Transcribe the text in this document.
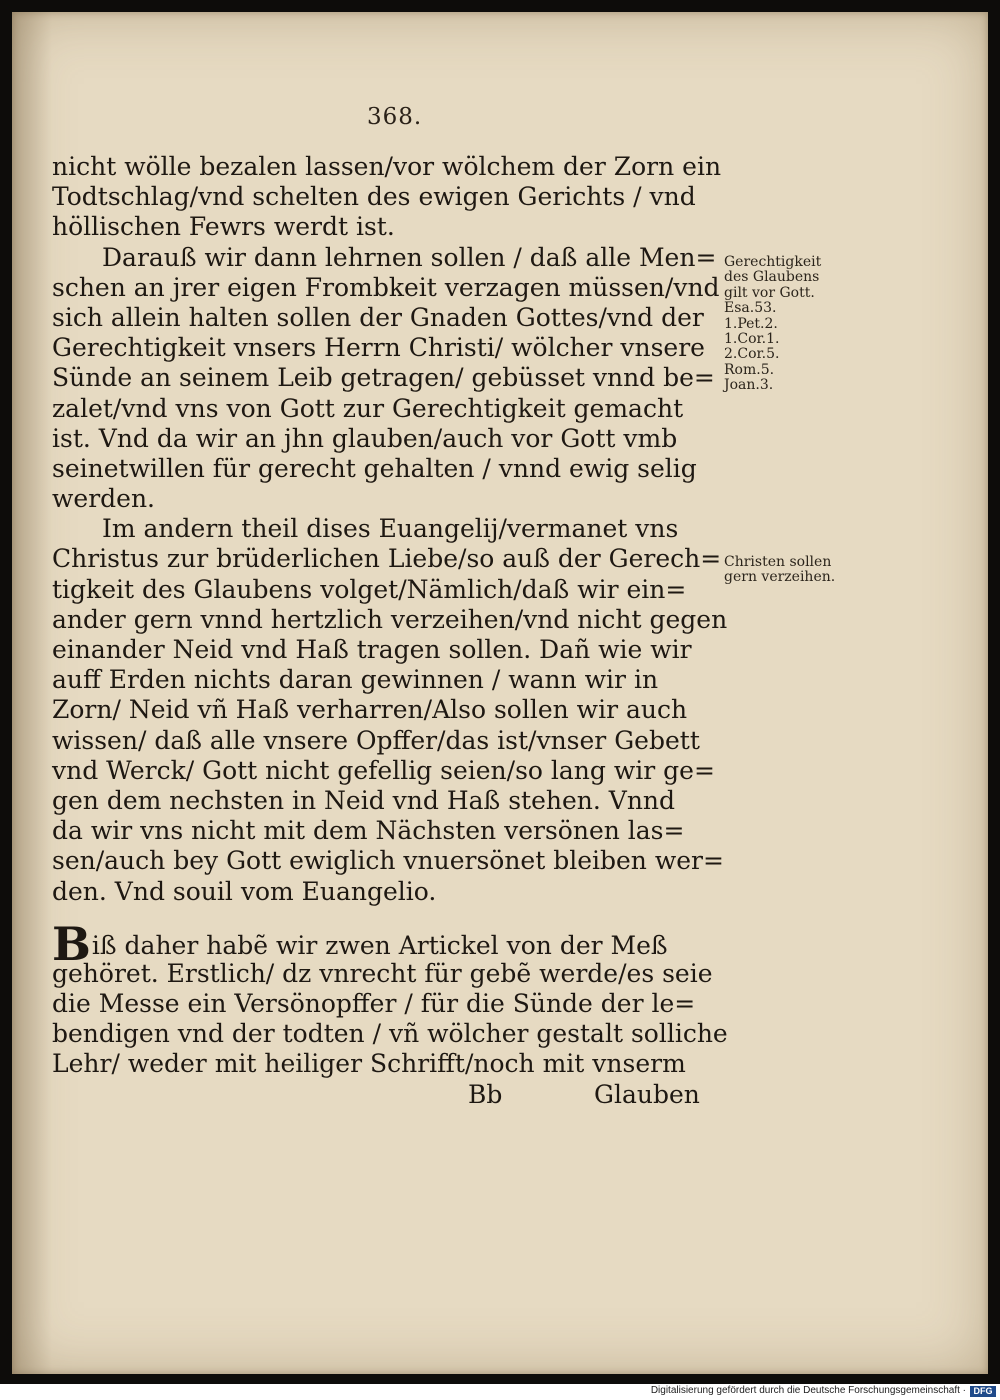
368.
nicht wölle bezalen lassen/vor wölchem der Zorn ein
Todtschlag/vnd schelten des ewigen Gerichts / vnd
höllischen Fewrs werdt ist.
Darauß wir dann lehrnen sollen / daß alle Men=
schen an jrer eigen Frombkeit verzagen müssen/vnd
sich allein halten sollen der Gnaden Gottes/vnd der
Gerechtigkeit vnsers Herrn Christi/ wölcher vnsere
Sünde an seinem Leib getragen/ gebüsset vnnd be=
zalet/vnd vns von Gott zur Gerechtigkeit gemacht
ist. Vnd da wir an jhn glauben/auch vor Gott vmb
seinetwillen für gerecht gehalten / vnnd ewig selig
werden.
Im andern theil dises Euangelij/vermanet vns
Christus zur brüderlichen Liebe/so auß der Gerech=
tigkeit des Glaubens volget/Nämlich/daß wir ein=
ander gern vnnd hertzlich verzeihen/vnd nicht gegen
einander Neid vnd Haß tragen sollen. Dañ wie wir
auff Erden nichts daran gewinnen / wann wir in
Zorn/ Neid vñ Haß verharren/Also sollen wir auch
wissen/ daß alle vnsere Opffer/das ist/vnser Gebett
vnd Werck/ Gott nicht gefellig seien/so lang wir ge=
gen dem nechsten in Neid vnd Haß stehen. Vnnd
da wir vns nicht mit dem Nächsten versönen las=
sen/auch bey Gott ewiglich vnuersönet bleiben wer=
den. Vnd souil vom Euangelio.
Biß daher habẽ wir zwen Artickel von der Meß
gehöret. Erstlich/ dz vnrecht für gebẽ werde/es seie
die Messe ein Versönopffer / für die Sünde der le=
bendigen vnd der todten / vñ wölcher gestalt solliche
Lehr/ weder mit heiliger Schrifft/noch mit vnserm
Bb	Glauben
Gerechtigkeit
des Glaubens
gilt vor Gott.
Esa.53.
1.Pet.2.
1.Cor.1.
2.Cor.5.
Rom.5.
Joan.3.
Christen sollen
gern verzeihen.
Digitalisierung gefördert durch die Deutsche Forschungsgemeinschaft · DFG
